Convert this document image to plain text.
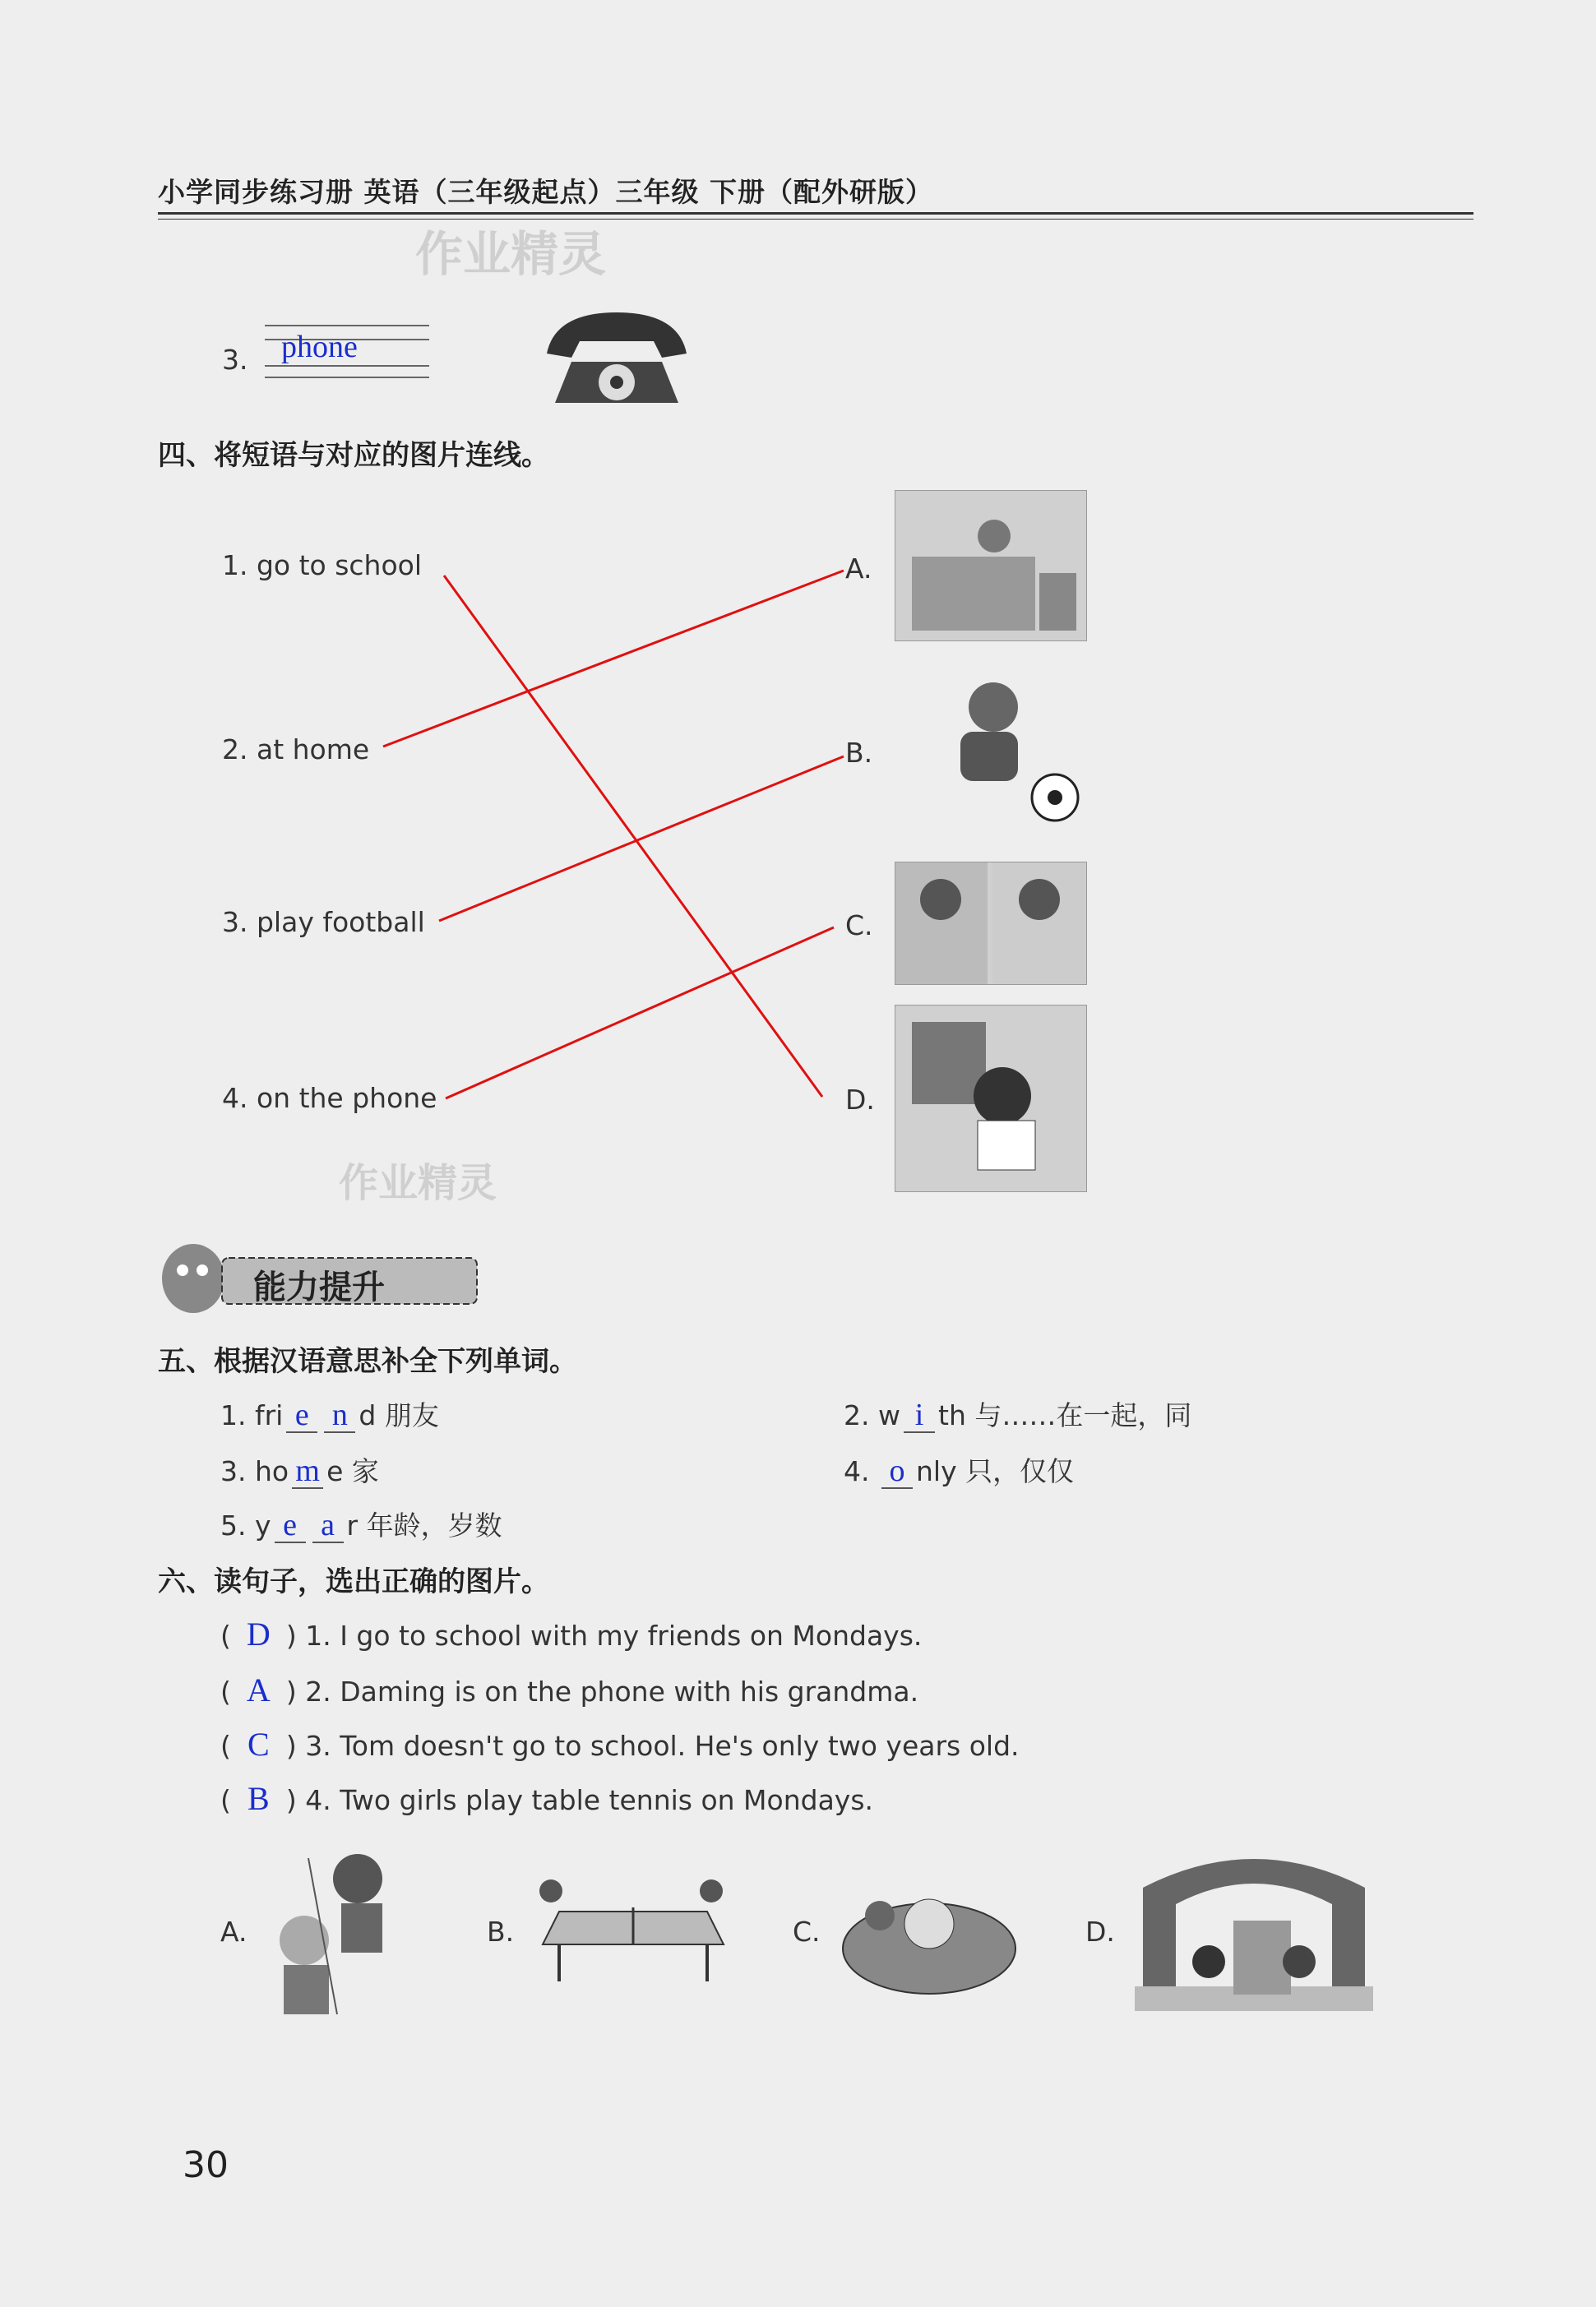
小学同步练习册 英语（三年级起点）三年级 下册（配外研版）
作业精灵
3. phone
四、将短语与对应的图片连线。
1. go to school
2. at home
3. play football
4. on the phone
A.
B.
C.
D.
作业精灵
能力提升
五、根据汉语意思补全下列单词。
1. fri e n d 朋友	2. w i th 与……在一起，同
3. ho m e 家	4. o nly 只，仅仅
5. y e a r 年龄，岁数
六、读句子，选出正确的图片。
( D ) 1. I go to school with my friends on Mondays.
( A ) 2. Daming is on the phone with his grandma.
( C ) 3. Tom doesn't go to school. He's only two years old.
( B ) 4. Two girls play table tennis on Mondays.
A.	B.	C.	D.
30
